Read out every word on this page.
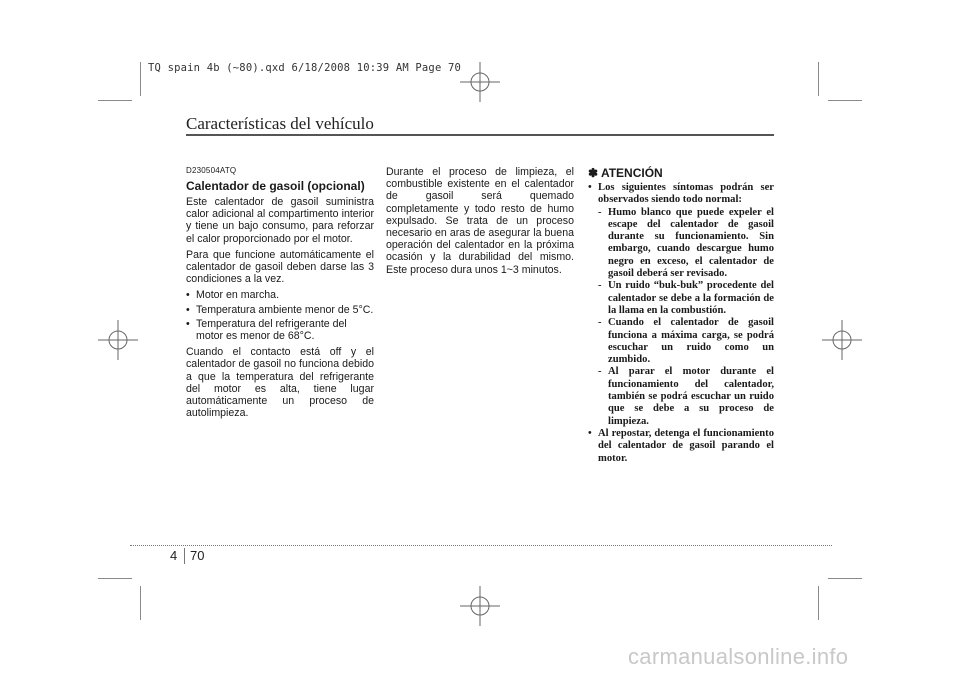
TQ spain 4b (~80).qxd 6/18/2008 10:39 AM Page 70
Características del vehículo
D230504ATQ
Calentador de gasoil (opcional)

Este calentador de gasoil suministra calor adicional al compartimento interior y tiene un bajo consumo, para reforzar el calor proporcionado por el motor.

Para que funcione automáticamente el calentador de gasoil deben darse las 3 condiciones a la vez.

• Motor en marcha.
• Temperatura ambiente menor de 5°C.
• Temperatura del refrigerante del motor es menor de 68°C.

Cuando el contacto está off y el calentador de gasoil no funciona debido a que la temperatura del refrigerante del motor es alta, tiene lugar automáticamente un proceso de autolimpieza.

Durante el proceso de limpieza, el combustible existente en el calentador de gasoil será quemado completamente y todo resto de humo expulsado. Se trata de un proceso necesario en aras de asegurar la buena operación del calentador en la próxima ocasión y la durabilidad del mismo. Este proceso dura unos 1~3 minutos.

✽ ATENCIÓN
• Los siguientes síntomas podrán ser observados siendo todo normal:
- Humo blanco que puede expeler el escape del calentador de gasoil durante su funcionamiento. Sin embargo, cuando descargue humo negro en exceso, el calentador de gasoil deberá ser revisado.
- Un ruido “buk-buk” procedente del calentador se debe a la formación de la llama en la combustión.
- Cuando el calentador de gasoil funciona a máxima carga, se podrá escuchar un ruido como un zumbido.
- Al parar el motor durante el funcionamiento del calentador, también se podrá escuchar un ruido que se debe a su proceso de limpieza.
• Al repostar, detenga el funcionamiento del calentador de gasoil parando el motor.
4 70
carmanualsonline.info
